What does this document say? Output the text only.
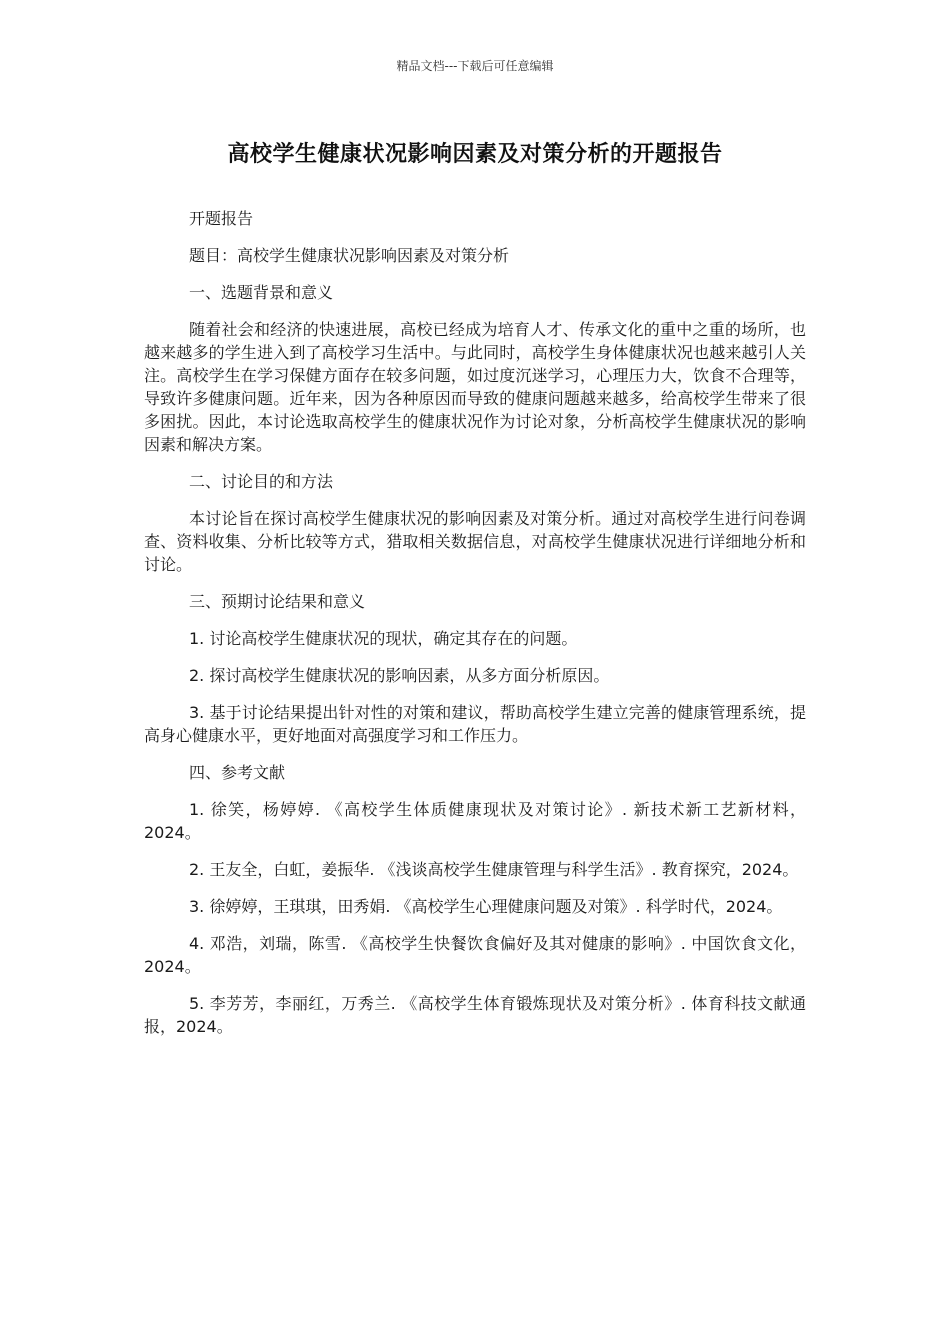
精品文档---下载后可任意编辑
高校学生健康状况影响因素及对策分析的开题报告

开题报告

题目：高校学生健康状况影响因素及对策分析

一、选题背景和意义

随着社会和经济的快速进展，高校已经成为培育人才、传承文化的重中之重的场所，也越来越多的学生进入到了高校学习生活中。与此同时，高校学生身体健康状况也越来越引人关注。高校学生在学习保健方面存在较多问题，如过度沉迷学习，心理压力大，饮食不合理等，导致许多健康问题。近年来，因为各种原因而导致的健康问题越来越多，给高校学生带来了很多困扰。因此，本讨论选取高校学生的健康状况作为讨论对象，分析高校学生健康状况的影响因素和解决方案。

二、讨论目的和方法

本讨论旨在探讨高校学生健康状况的影响因素及对策分析。通过对高校学生进行问卷调查、资料收集、分析比较等方式，猎取相关数据信息，对高校学生健康状况进行详细地分析和讨论。

三、预期讨论结果和意义

1. 讨论高校学生健康状况的现状，确定其存在的问题。

2. 探讨高校学生健康状况的影响因素，从多方面分析原因。

3. 基于讨论结果提出针对性的对策和建议，帮助高校学生建立完善的健康管理系统，提高身心健康水平，更好地面对高强度学习和工作压力。

四、参考文献

1. 徐笑，杨婷婷. 《高校学生体质健康现状及对策讨论》. 新技术新工艺新材料，2024。

2. 王友全，白虹，姜振华. 《浅谈高校学生健康管理与科学生活》. 教育探究，2024。

3. 徐婷婷，王琪琪，田秀娟. 《高校学生心理健康问题及对策》. 科学时代，2024。

4. 邓浩，刘瑞，陈雪. 《高校学生快餐饮食偏好及其对健康的影响》. 中国饮食文化，2024。

5. 李芳芳，李丽红，万秀兰. 《高校学生体育锻炼现状及对策分析》. 体育科技文献通报，2024。
